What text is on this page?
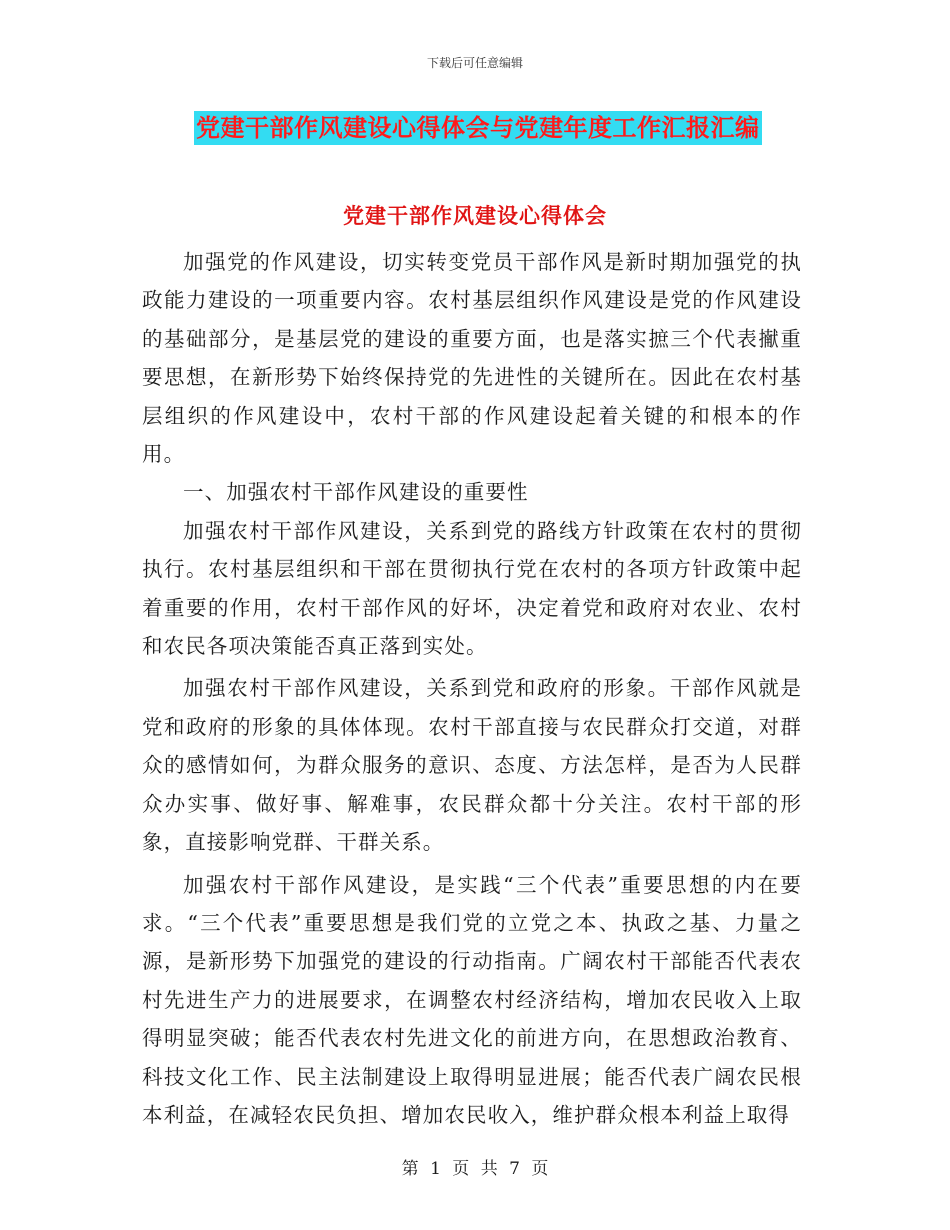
下载后可任意编辑
党建干部作风建设心得体会与党建年度工作汇报汇编
党建干部作风建设心得体会

加强党的作风建设，切实转变党员干部作风是新时期加强党的执政能力建设的一项重要内容。农村基层组织作风建设是党的作风建设的基础部分，是基层党的建设的重要方面，也是落实摭三个代表擜重要思想，在新形势下始终保持党的先进性的关键所在。因此在农村基层组织的作风建设中，农村干部的作风建设起着关键的和根本的作用。

一、加强农村干部作风建设的重要性

加强农村干部作风建设，关系到党的路线方针政策在农村的贯彻执行。农村基层组织和干部在贯彻执行党在农村的各项方针政策中起着重要的作用，农村干部作风的好坏，决定着党和政府对农业、农村和农民各项决策能否真正落到实处。

加强农村干部作风建设，关系到党和政府的形象。干部作风就是党和政府的形象的具体体现。农村干部直接与农民群众打交道，对群众的感情如何，为群众服务的意识、态度、方法怎样，是否为人民群众办实事、做好事、解难事，农民群众都十分关注。农村干部的形象，直接影响党群、干群关系。

加强农村干部作风建设，是实践“三个代表”重要思想的内在要求。“三个代表”重要思想是我们党的立党之本、执政之基、力量之源，是新形势下加强党的建设的行动指南。广阔农村干部能否代表农村先进生产力的进展要求，在调整农村经济结构，增加农民收入上取得明显突破；能否代表农村先进文化的前进方向，在思想政治教育、科技文化工作、民主法制建设上取得明显进展；能否代表广阔农民根本利益，在减轻农民负担、增加农民收入，维护群众根本利益上取得

第 1 页 共 7 页
